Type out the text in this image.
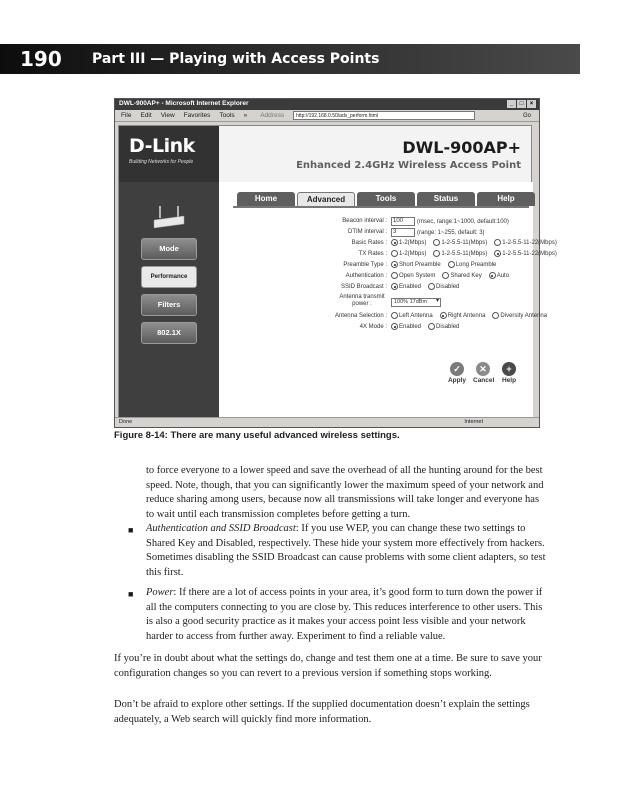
190 Part III — Playing with Access Points
DWL-900AP+ - Microsoft Internet Explorer	_	□	×
File Edit View Favorites Tools » Address	http://192.168.0.50/adv_perform.html	Go
D-Link
Building Networks for People
DWL-900AP+
Enhanced 2.4GHz Wireless Access Point
Mode
Performance
Filters
802.1X
Home	Advanced	Tools	Status	Help
Beacon interval :	100	(msec, range:1~1000, default:100)
DTIM interval :	3	(range: 1~255, default: 3)
Basic Rates : 1-2(Mbps)	1-2-5.5-11(Mbps)	1-2-5.5-11-22(Mbps)
TX Rates : 1-2(Mbps)	1-2-5.5-11(Mbps)	1-2-5.5-11-22(Mbps)
Preamble Type : Short Preamble	Long Preamble
Authentication : Open System	Shared Key	Auto
SSID Broadcast : Enabled	Disabled
Antenna transmit power :	100% 17dBm ▾
Antenna Selection : Left Antenna	Right Antenna	Diversity Antenna
4X Mode : Enabled	Disabled
✓
Apply
✕
Cancel
+
Help
Done	Internet
Figure 8-14: There are many useful advanced wireless settings.
to force everyone to a lower speed and save the overhead of all the hunting around for the best speed. Note, though, that you can significantly lower the maximum speed of your network and reduce sharing among users, because now all transmissions will take longer and everyone has to wait until each transmission completes before getting a turn.
■ Authentication and SSID Broadcast: If you use WEP, you can change these two settings to Shared Key and Disabled, respectively. These hide your system more effectively from hackers. Sometimes disabling the SSID Broadcast can cause problems with some client adapters, so test this first.
■ Power: If there are a lot of access points in your area, it’s good form to turn down the power if all the computers connecting to you are close by. This reduces interference to other users. This is also a good security practice as it makes your access point less visible and your network harder to access from further away. Experiment to find a reliable value.
If you’re in doubt about what the settings do, change and test them one at a time. Be sure to save your configuration changes so you can revert to a previous version if something stops working.
Don’t be afraid to explore other settings. If the supplied documentation doesn’t explain the settings adequately, a Web search will quickly find more information.
